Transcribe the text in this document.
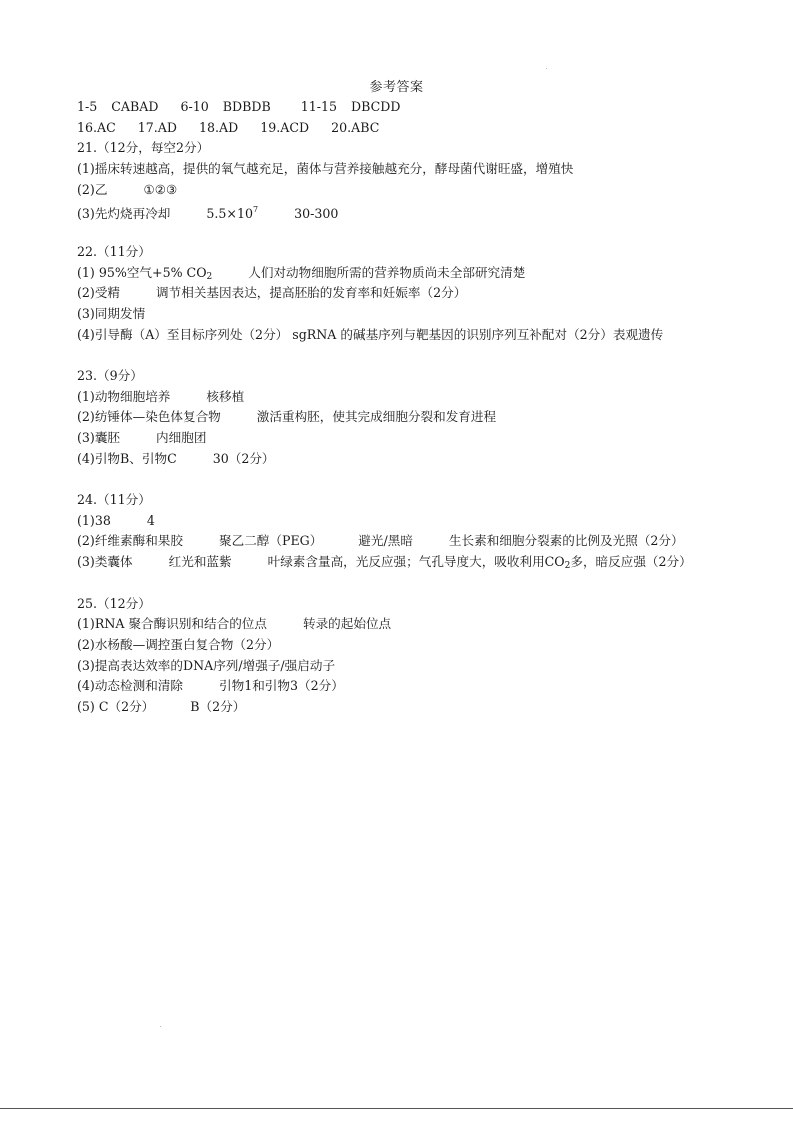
参考答案
1-5 CABAD 6-10 BDBDB 11-15 DBCDD
16.AC 17.AD 18.AD 19.ACD 20.ABC
21.（12分，每空2分）
(1)摇床转速越高，提供的氧气越充足，菌体与营养接触越充分，酵母菌代谢旺盛，增殖快
(2)乙	①②③
(3)先灼烧再冷却	$5.5\times 10^7$	30-300
22.（11分）
(1) 95%空气+5% $CO_2$	人们对动物细胞所需的营养物质尚未全部研究清楚
(2)受精	调节相关基因表达，提高胚胎的发育率和妊娠率（2分）
(3)同期发情
(4)引导酶（A）至目标序列处（2分） sgRNA 的碱基序列与靶基因的识别序列互补配对（2分）表观遗传
23.（9分）
(1)动物细胞培养	核移植
(2)纺锤体—染色体复合物	激活重构胚，使其完成细胞分裂和发育进程
(3)囊胚	内细胞团
(4)引物B、引物C	30（2分）
24.（11分）
(1)38	4
(2)纤维素酶和果胶	聚乙二醇（PEG）	避光/黑暗	生长素和细胞分裂素的比例及光照（2分）
(3)类囊体	红光和蓝紫	叶绿素含量高，光反应强；气孔导度大，吸收利用$CO_2$多，暗反应强（2分）
25.（12分）
(1)RNA 聚合酶识别和结合的位点	转录的起始位点
(2)水杨酸—调控蛋白复合物（2分）
(3)提高表达效率的DNA序列/增强子/强启动子
(4)动态检测和清除	引物1和引物3（2分）
(5) C（2分）	B（2分）
